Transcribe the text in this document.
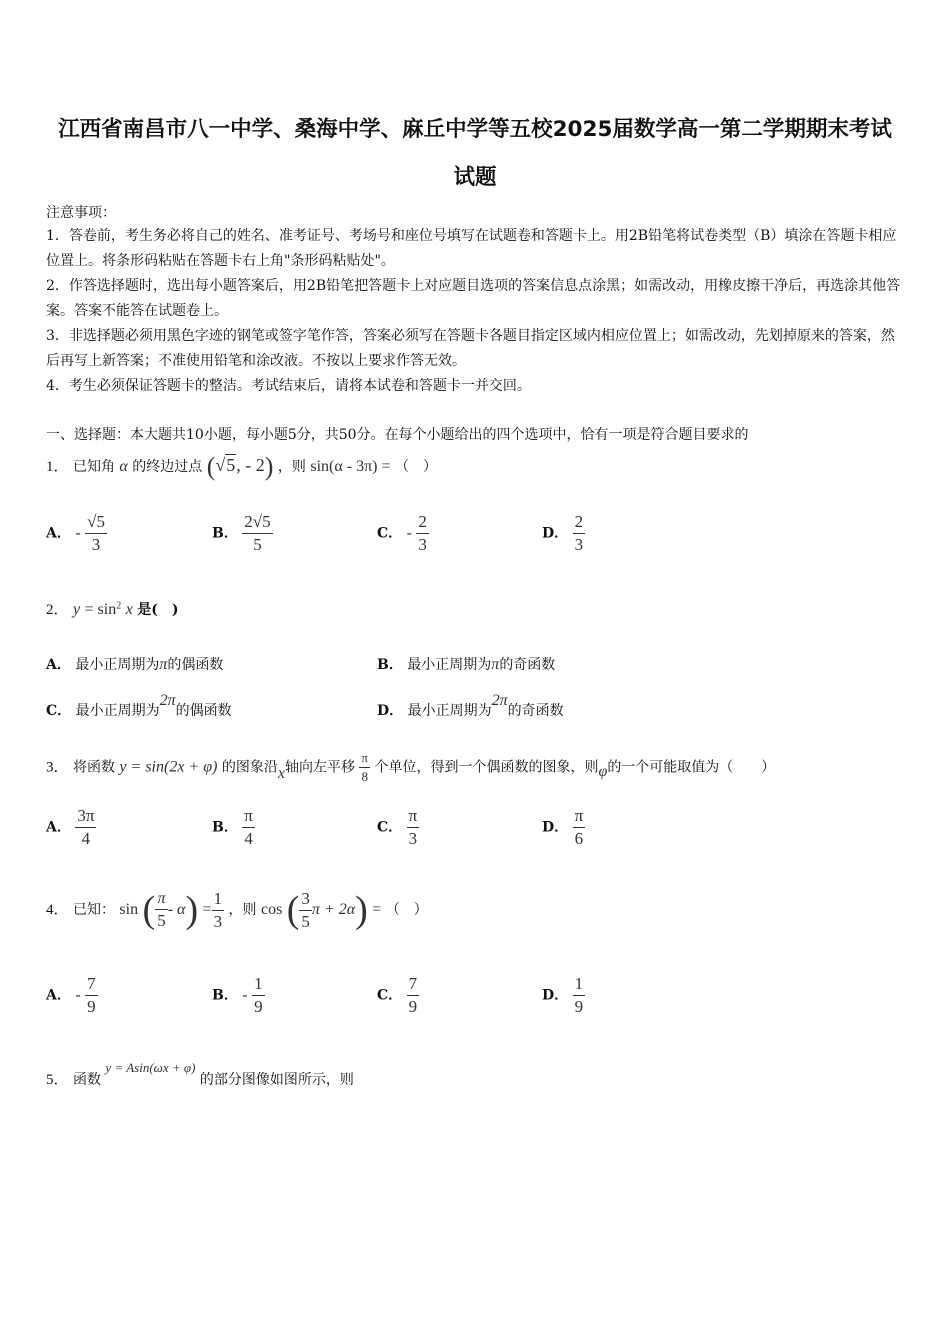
江西省南昌市八一中学、桑海中学、麻丘中学等五校2025届数学高一第二学期期末考试
试题
注意事项：
1．答卷前，考生务必将自己的姓名、准考证号、考场号和座位号填写在试题卷和答题卡上。用2B铅笔将试卷类型（B）填涂在答题卡相应位置上。将条形码粘贴在答题卡右上角"条形码粘贴处"。
2．作答选择题时，选出每小题答案后，用2B铅笔把答题卡上对应题目选项的答案信息点涂黑；如需改动，用橡皮擦干净后，再选涂其他答案。答案不能答在试题卷上。
3．非选择题必须用黑色字迹的钢笔或签字笔作答，答案必须写在答题卡各题目指定区域内相应位置上；如需改动，先划掉原来的答案，然后再写上新答案；不准使用铅笔和涂改液。不按以上要求作答无效。
4．考生必须保证答题卡的整洁。考试结束后，请将本试卷和答题卡一并交回。
一、选择题：本大题共10小题，每小题5分，共50分。在每个小题给出的四个选项中，恰有一项是符合题目要求的
1． 已知角 α 的终边过点 (√5, - 2) ，则 sin(α - 3π) = （　）
A． - $\frac{√5}{3}$	B． $\frac{2√5}{5}$	C． - $\frac{2}{3}$	D． $\frac{2}{3}$
2． $y = \sin^2 x$ 是(　)
A． 最小正周期为π的偶函数	B． 最小正周期为π的奇函数
C． 最小正周期为2π的偶函数	D． 最小正周期为2π的奇函数
3． 将函数 y = sin(2x + φ) 的图象沿x轴向左平移 $\frac{\pi}{8}$ 个单位，得到一个偶函数的图象，则φ的一个可能取值为（　　）
A． $\frac{3\pi}{4}$	B． $\frac{\pi}{4}$	C． $\frac{\pi}{3}$	D． $\frac{\pi}{6}$
4． 已知： sin ( $\frac{\pi}{5} - \alpha) = \frac{1}{3}$ ，则 cos ( $\frac{3}{5}$ π + 2α) = （　）
A． - $\frac{7}{9}$	B． - $\frac{1}{9}$	C． $\frac{7}{9}$	D． $\frac{1}{9}$
5． 函数 y = Asin(ωx + φ) 的部分图像如图所示，则
